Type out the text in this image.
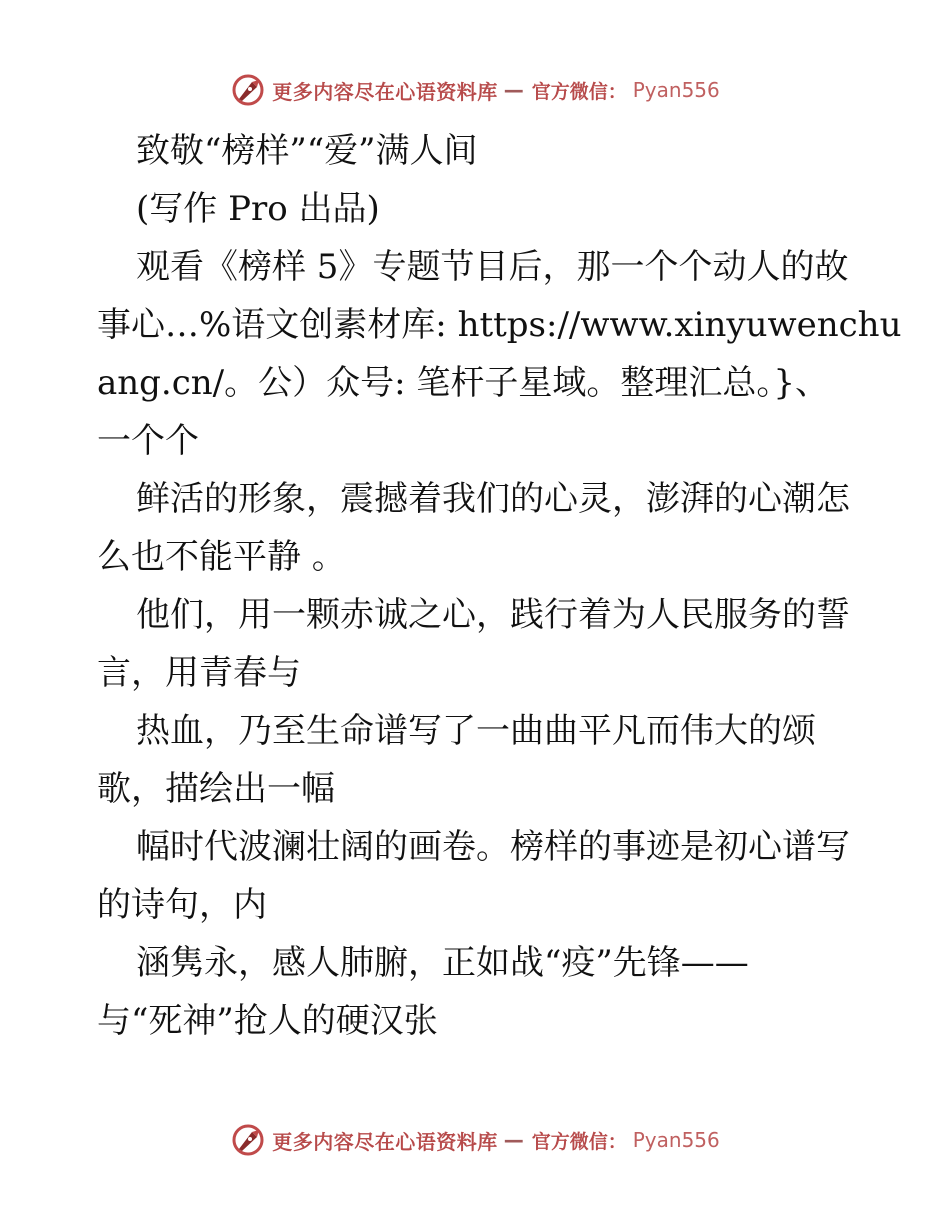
更多内容尽在心语资料库 — 官方微信： Pyan556
致敬“榜样”“爱”满人间
(写作 Pro 出品)
观看《榜样 5》专题节目后，那一个个动人的故
事心…%语文创素材库: https://www.xinyuwenchu
ang.cn/。公）众号: 笔杆子星域。整理汇总。}、
一个个
鲜活的形象，震撼着我们的心灵，澎湃的心潮怎
么也不能平静 。
他们，用一颗赤诚之心，践行着为人民服务的誓
言，用青春与
热血，乃至生命谱写了一曲曲平凡而伟大的颂
歌，描绘出一幅
幅时代波澜壮阔的画卷。榜样的事迹是初心谱写
的诗句，内
涵隽永，感人肺腑，正如战“疫”先锋——
与“死神”抢人的硬汉张
更多内容尽在心语资料库 — 官方微信： Pyan556
